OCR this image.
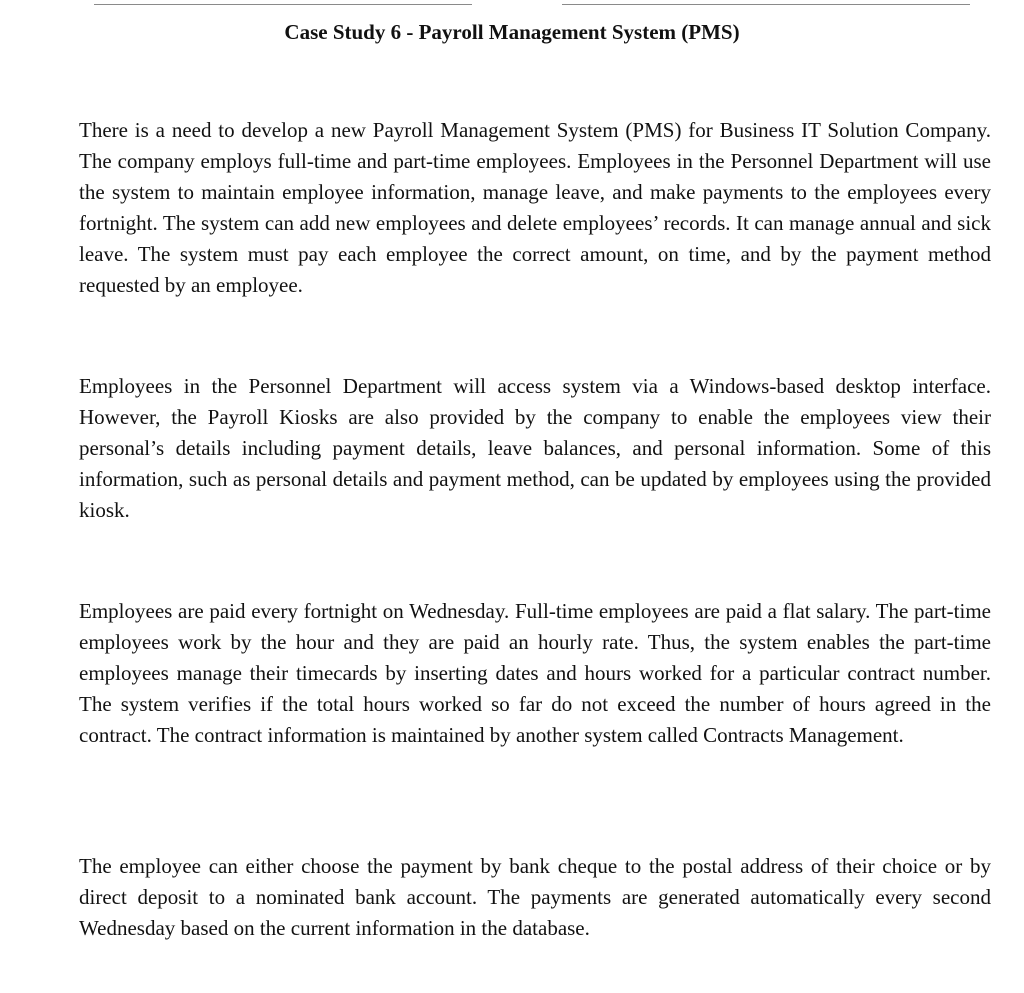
Case Study 6 - Payroll Management System (PMS)

There is a need to develop a new Payroll Management System (PMS) for Business IT Solution Company. The company employs full-time and part-time employees. Employees in the Personnel Department will use the system to maintain employee information, manage leave, and make payments to the employees every fortnight. The system can add new employees and delete employees’ records. It can manage annual and sick leave. The system must pay each employee the correct amount, on time, and by the payment method requested by an employee.

Employees in the Personnel Department will access system via a Windows-based desktop interface. However, the Payroll Kiosks are also provided by the company to enable the employees view their personal’s details including payment details, leave balances, and personal information. Some of this information, such as personal details and payment method, can be updated by employees using the provided kiosk.

Employees are paid every fortnight on Wednesday. Full-time employees are paid a flat salary. The part-time employees work by the hour and they are paid an hourly rate. Thus, the system enables the part-time employees manage their timecards by inserting dates and hours worked for a particular contract number. The system verifies if the total hours worked so far do not exceed the number of hours agreed in the contract. The contract information is maintained by another system called Contracts Management.

The employee can either choose the payment by bank cheque to the postal address of their choice or by direct deposit to a nominated bank account. The payments are generated automatically every second Wednesday based on the current information in the database.
